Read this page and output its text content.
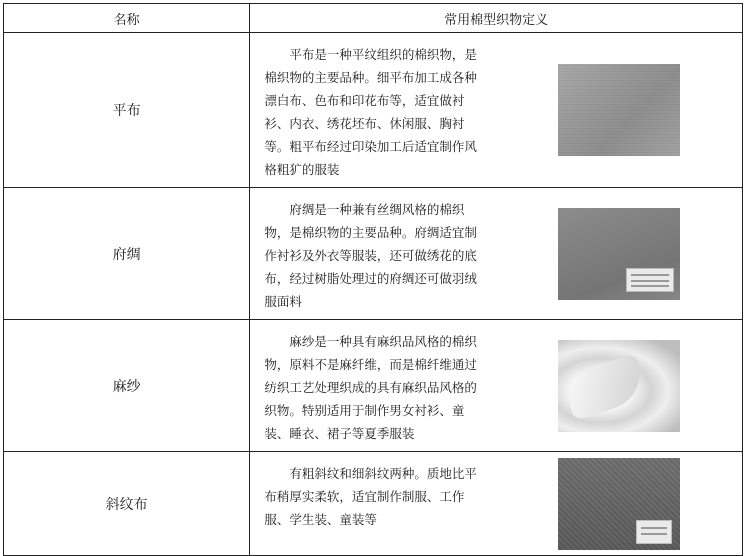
名称	常用棉型织物定义	
平布	平布是一种平纹组织的棉织物，是棉织物的主要品种。细平布加工成各种漂白布、色布和印花布等，适宜做衬衫、内衣、绣花坯布、休闲服、胸衬等。粗平布经过印染加工后适宜制作风格粗犷的服装	
府绸	府绸是一种兼有丝绸风格的棉织物，是棉织物的主要品种。府绸适宜制作衬衫及外衣等服装，还可做绣花的底布，经过树脂处理过的府绸还可做羽绒服面料	

麻纱	麻纱是一种具有麻织品风格的棉织物，原料不是麻纤维，而是棉纤维通过纺织工艺处理织成的具有麻织品风格的织物。特别适用于制作男女衬衫、童装、睡衣、裙子等夏季服装	

斜纹布	有粗斜纹和细斜纹两种。质地比平布稍厚实柔软，适宜制作制服、工作服、学生装、童装等	
